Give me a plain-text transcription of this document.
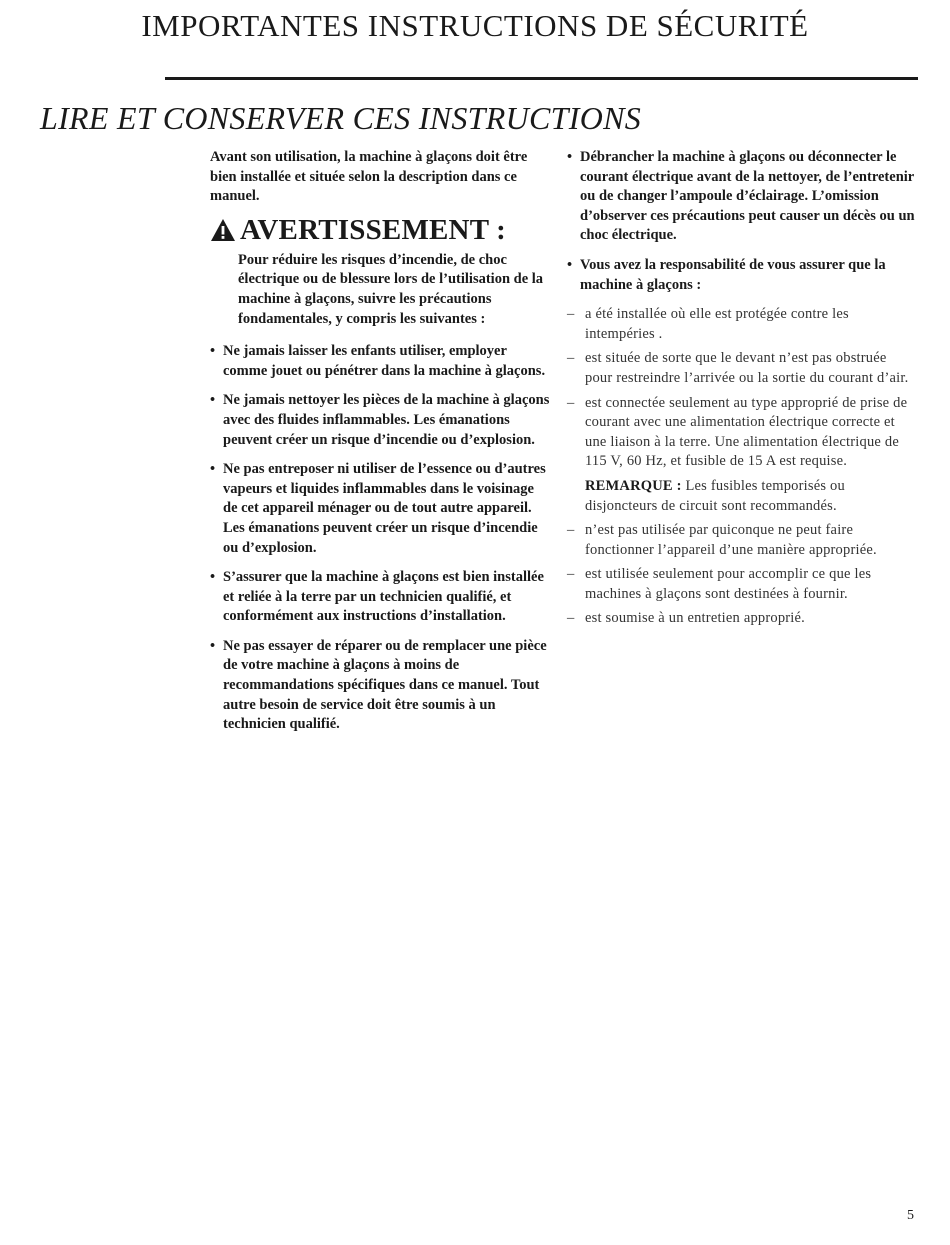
IMPORTANTES INSTRUCTIONS DE SÉCURITÉ
LIRE ET CONSERVER CES INSTRUCTIONS

Avant son utilisation, la machine à glaçons doit être bien installée et située selon la description dans ce manuel.

AVERTISSEMENT :

Pour réduire les risques d’incendie, de choc électrique ou de blessure lors de l’utilisation de la machine à glaçons, suivre les précautions fondamentales, y compris les suivantes :

• Ne jamais laisser les enfants utiliser, employer comme jouet ou pénétrer dans la machine à glaçons.
• Ne jamais nettoyer les pièces de la machine à glaçons avec des fluides inflammables. Les émanations peuvent créer un risque d’incendie ou d’explosion.
• Ne pas entreposer ni utiliser de l’essence ou d’autres vapeurs et liquides inflammables dans le voisinage de cet appareil ménager ou de tout autre appareil. Les émanations peuvent créer un risque d’incendie ou d’explosion.
• S’assurer que la machine à glaçons est bien installée et reliée à la terre par un technicien qualifié, et conformément aux instructions d’installation.
• Ne pas essayer de réparer ou de remplacer une pièce de votre machine à glaçons à moins de recommandations spécifiques dans ce manuel. Tout autre besoin de service doit être soumis à un technicien qualifié.
• Débrancher la machine à glaçons ou déconnecter le courant électrique avant de la nettoyer, de l’entretenir ou de changer l’ampoule d’éclairage. L’omission d’observer ces précautions peut causer un décès ou un choc électrique.
• Vous avez la responsabilité de vous assurer que la machine à glaçons :
– a été installée où elle est protégée contre les intempéries .
– est située de sorte que le devant n’est pas obstruée pour restreindre l’arrivée ou la sortie du courant d’air.
– est connectée seulement au type approprié de prise de courant avec une alimentation électrique correcte et une liaison à la terre. Une alimentation électrique de 115 V, 60 Hz, et fusible de 15 A est requise.
REMARQUE : Les fusibles temporisés ou disjoncteurs de circuit sont recommandés.
– n’est pas utilisée par quiconque ne peut faire fonctionner l’appareil d’une manière appropriée.
– est utilisée seulement pour accomplir ce que les machines à glaçons sont destinées à fournir.
– est soumise à un entretien approprié.
5
